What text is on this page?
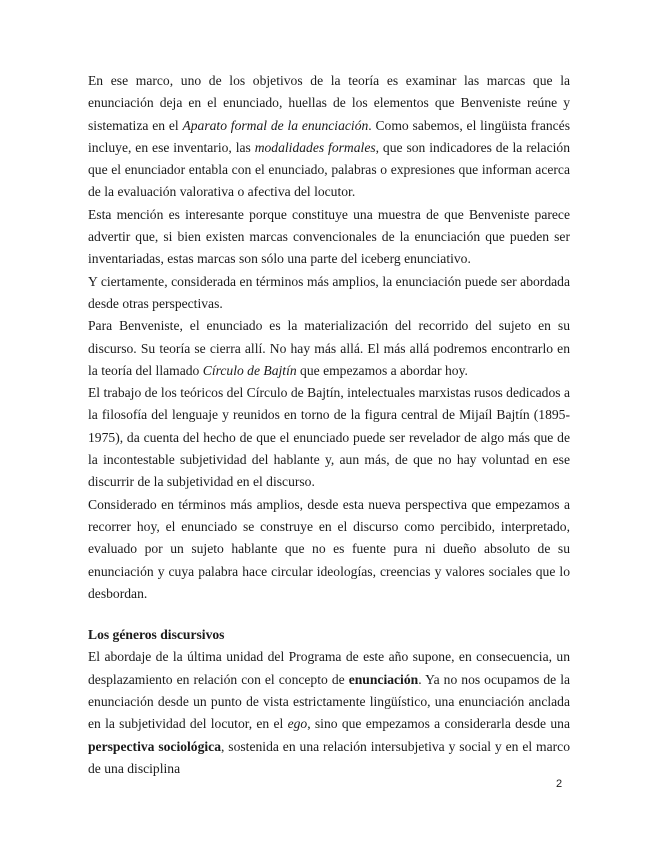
En ese marco, uno de los objetivos de la teoría es examinar las marcas que la enunciación deja en el enunciado, huellas de los elementos que Benveniste reúne y sistematiza en el Aparato formal de la enunciación. Como sabemos, el lingüista francés incluye, en ese inventario, las modalidades formales, que son indicadores de la relación que el enunciador entabla con el enunciado, palabras o expresiones que informan acerca de la evaluación valorativa o afectiva del locutor.

Esta mención es interesante porque constituye una muestra de que Benveniste parece advertir que, si bien existen marcas convencionales de la enunciación que pueden ser inventariadas, estas marcas son sólo una parte del iceberg enunciativo.

Y ciertamente, considerada en términos más amplios, la enunciación puede ser abordada desde otras perspectivas.

Para Benveniste, el enunciado es la materialización del recorrido del sujeto en su discurso. Su teoría se cierra allí. No hay más allá. El más allá podremos encontrarlo en la teoría del llamado Círculo de Bajtín que empezamos a abordar hoy.

El trabajo de los teóricos del Círculo de Bajtín, intelectuales marxistas rusos dedicados a la filosofía del lenguaje y reunidos en torno de la figura central de Mijaíl Bajtín (1895-1975), da cuenta del hecho de que el enunciado puede ser revelador de algo más que de la incontestable subjetividad del hablante y, aun más, de que no hay voluntad en ese discurrir de la subjetividad en el discurso.

Considerado en términos más amplios, desde esta nueva perspectiva que empezamos a recorrer hoy, el enunciado se construye en el discurso como percibido, interpretado, evaluado por un sujeto hablante que no es fuente pura ni dueño absoluto de su enunciación y cuya palabra hace circular ideologías, creencias y valores sociales que lo desbordan.

Los géneros discursivos

El abordaje de la última unidad del Programa de este año supone, en consecuencia, un desplazamiento en relación con el concepto de enunciación. Ya no nos ocupamos de la enunciación desde un punto de vista estrictamente lingüístico, una enunciación anclada en la subjetividad del locutor, en el ego, sino que empezamos a considerarla desde una perspectiva sociológica, sostenida en una relación intersubjetiva y social y en el marco de una disciplina

2
